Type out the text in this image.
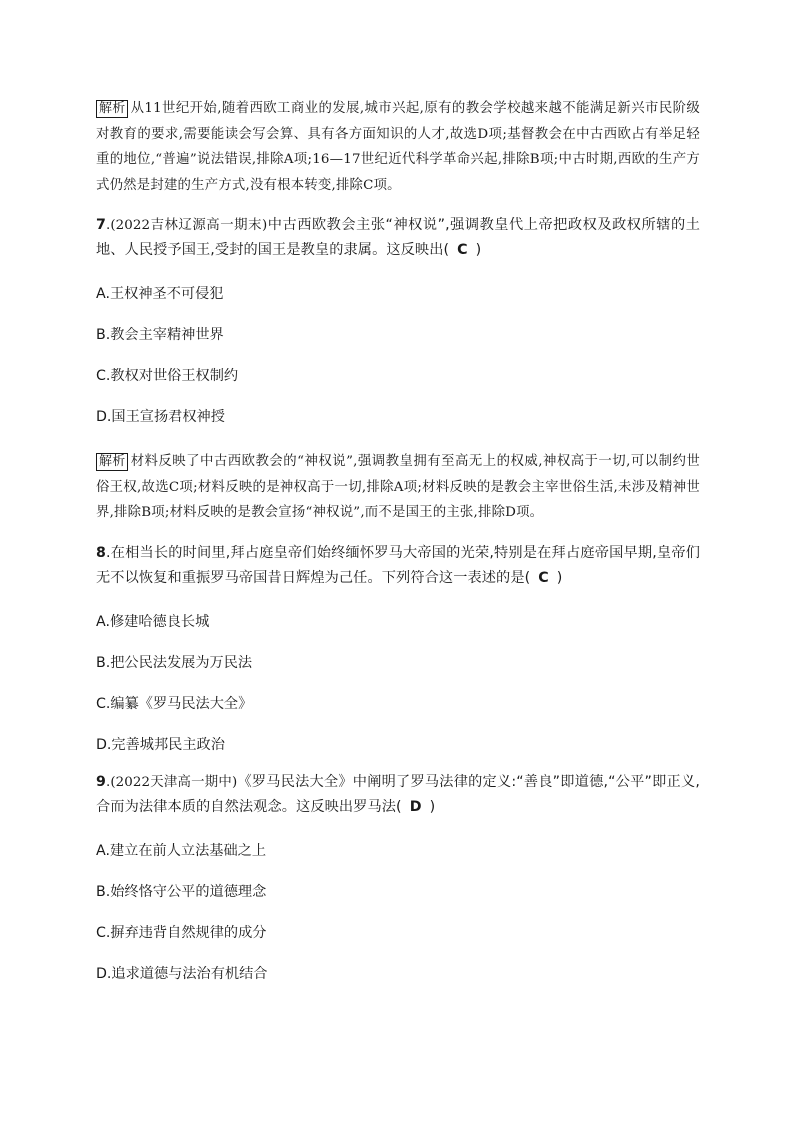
解析 从11世纪开始,随着西欧工商业的发展,城市兴起,原有的教会学校越来越不能满足新兴市民阶级对教育的要求,需要能读会写会算、具有各方面知识的人才,故选D项;基督教会在中古西欧占有举足轻重的地位,“普遍”说法错误,排除A项;16—17世纪近代科学革命兴起,排除B项;中古时期,西欧的生产方式仍然是封建的生产方式,没有根本转变,排除C项。
7.(2022吉林辽源高一期末)中古西欧教会主张“神权说”,强调教皇代上帝把政权及政权所辖的土地、人民授予国王,受封的国王是教皇的隶属。这反映出( C )
A.王权神圣不可侵犯
B.教会主宰精神世界
C.教权对世俗王权制约
D.国王宣扬君权神授
解析 材料反映了中古西欧教会的“神权说”,强调教皇拥有至高无上的权威,神权高于一切,可以制约世俗王权,故选C项;材料反映的是神权高于一切,排除A项;材料反映的是教会主宰世俗生活,未涉及精神世界,排除B项;材料反映的是教会宣扬“神权说”,而不是国王的主张,排除D项。
8.在相当长的时间里,拜占庭皇帝们始终缅怀罗马大帝国的光荣,特别是在拜占庭帝国早期,皇帝们无不以恢复和重振罗马帝国昔日辉煌为己任。下列符合这一表述的是( C )
A.修建哈德良长城
B.把公民法发展为万民法
C.编纂《罗马民法大全》
D.完善城邦民主政治
9.(2022天津高一期中)《罗马民法大全》中阐明了罗马法律的定义:“善良”即道德,“公平”即正义,合而为法律本质的自然法观念。这反映出罗马法( D )
A.建立在前人立法基础之上
B.始终恪守公平的道德理念
C.摒弃违背自然规律的成分
D.追求道德与法治有机结合
